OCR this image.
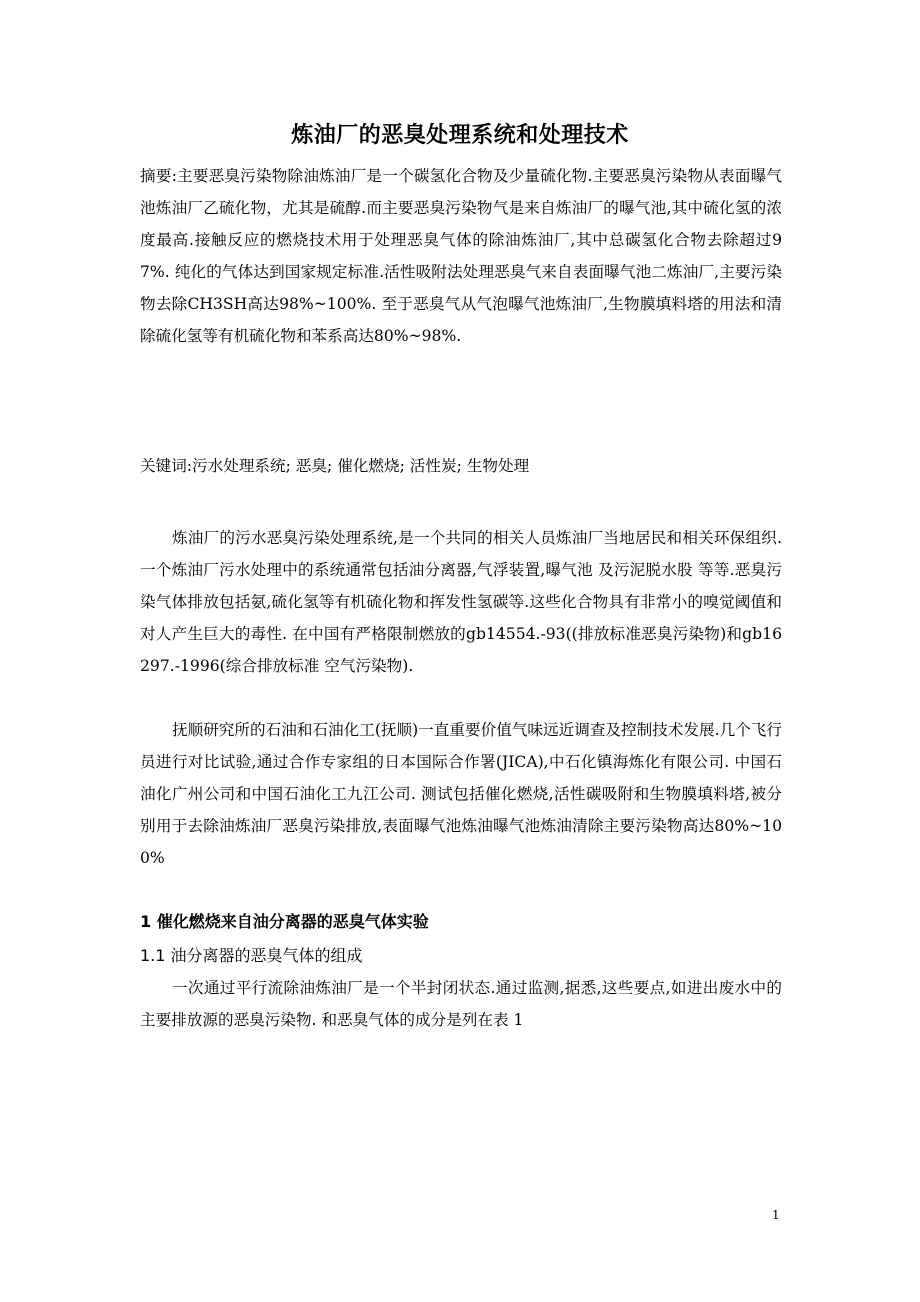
炼油厂的恶臭处理系统和处理技术
摘要:主要恶臭污染物除油炼油厂是一个碳氢化合物及少量硫化物.主要恶臭污染物从表面曝气池炼油厂乙硫化物，尤其是硫醇.而主要恶臭污染物气是来自炼油厂的曝气池,其中硫化氢的浓度最高.接触反应的燃烧技术用于处理恶臭气体的除油炼油厂,其中总碳氢化合物去除超过97%. 纯化的气体达到国家规定标准.活性吸附法处理恶臭气来自表面曝气池二炼油厂,主要污染物去除CH3SH高达98%~100%. 至于恶臭气从气泡曝气池炼油厂,生物膜填料塔的用法和清除硫化氢等有机硫化物和苯系高达80%~98%.
关键词:污水处理系统; 恶臭; 催化燃烧; 活性炭; 生物处理
炼油厂的污水恶臭污染处理系统,是一个共同的相关人员炼油厂当地居民和相关环保组织.一个炼油厂污水处理中的系统通常包括油分离器,气浮装置,曝气池 及污泥脱水股 等等.恶臭污染气体排放包括氨,硫化氢等有机硫化物和挥发性氢碳等.这些化合物具有非常小的嗅觉阈值和对人产生巨大的毒性. 在中国有严格限制燃放的gb14554.-93((排放标准恶臭污染物)和gb16297.-1996(综合排放标准 空气污染物).
抚顺研究所的石油和石油化工(抚顺)一直重要价值气味远近调查及控制技术发展.几个飞行员进行对比试验,通过合作专家组的日本国际合作署(JICA),中石化镇海炼化有限公司. 中国石油化广州公司和中国石油化工九江公司. 测试包括催化燃烧,活性碳吸附和生物膜填料塔,被分别用于去除油炼油厂恶臭污染排放,表面曝气池炼油曝气池炼油清除主要污染物高达80%~100%
1 催化燃烧来自油分离器的恶臭气体实验
1.1 油分离器的恶臭气体的组成
一次通过平行流除油炼油厂是一个半封闭状态.通过监测,据悉,这些要点,如进出废水中的主要排放源的恶臭污染物. 和恶臭气体的成分是列在表 1
1
